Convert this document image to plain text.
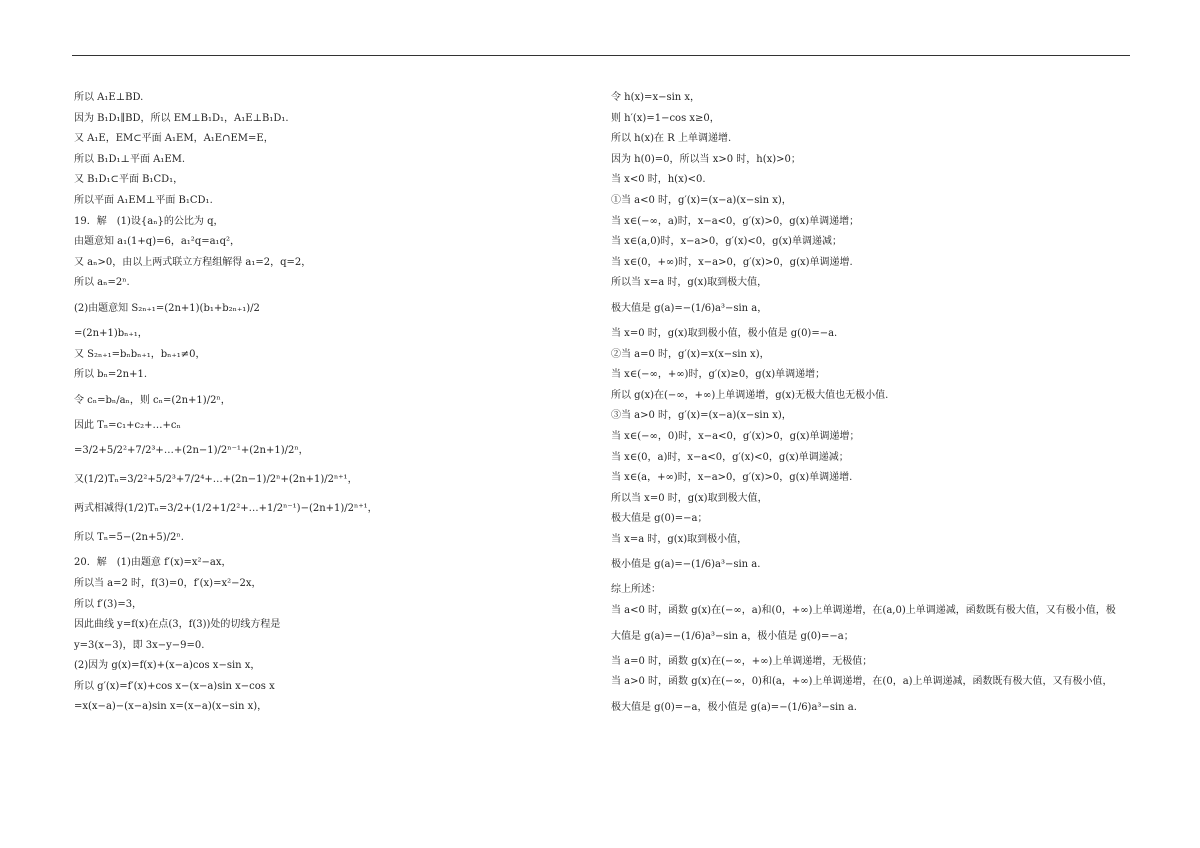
所以 A₁E⊥BD.
因为 B₁D₁∥BD，所以 EM⊥B₁D₁，A₁E⊥B₁D₁.
又 A₁E，EM⊂平面 A₁EM，A₁E∩EM=E，
所以 B₁D₁⊥平面 A₁EM.
又 B₁D₁⊂平面 B₁CD₁，
所以平面 A₁EM⊥平面 B₁CD₁.
19．解　(1)设{aₙ}的公比为 q，
由题意知 a₁(1+q)=6，a₁²q=a₁q²，
又 aₙ>0，由以上两式联立方程组解得 a₁=2，q=2，
所以 aₙ=2ⁿ.
(2)由题意知 S₂ₙ₊₁=(2n+1)(b₁+b₂ₙ₊₁)/2
=(2n+1)bₙ₊₁，
又 S₂ₙ₊₁=bₙbₙ₊₁，bₙ₊₁≠0，
所以 bₙ=2n+1.
令 cₙ=bₙ/aₙ，则 cₙ=(2n+1)/2ⁿ，
因此 Tₙ=c₁+c₂+…+cₙ
=3/2+5/2²+7/2³+…+(2n−1)/2ⁿ⁻¹+(2n+1)/2ⁿ，
又(1/2)Tₙ=3/2²+5/2³+7/2⁴+…+(2n−1)/2ⁿ+(2n+1)/2ⁿ⁺¹，
两式相减得(1/2)Tₙ=3/2+(1/2+1/2²+…+1/2ⁿ⁻¹)−(2n+1)/2ⁿ⁺¹，
所以 Tₙ=5−(2n+5)/2ⁿ.
20．解　(1)由题意 f′(x)=x²−ax，
所以当 a=2 时，f(3)=0，f′(x)=x²−2x，
所以 f′(3)=3，
因此曲线 y=f(x)在点(3，f(3))处的切线方程是
y=3(x−3)，即 3x−y−9=0.
(2)因为 g(x)=f(x)+(x−a)cos x−sin x，
所以 g′(x)=f′(x)+cos x−(x−a)sin x−cos x
=x(x−a)−(x−a)sin x=(x−a)(x−sin x)，
令 h(x)=x−sin x，
则 h′(x)=1−cos x≥0，
所以 h(x)在 R 上单调递增.
因为 h(0)=0，所以当 x>0 时，h(x)>0；
当 x<0 时，h(x)<0.
①当 a<0 时，g′(x)=(x−a)(x−sin x)，
当 x∈(−∞，a)时，x−a<0，g′(x)>0，g(x)单调递增；
当 x∈(a,0)时，x−a>0，g′(x)<0，g(x)单调递减；
当 x∈(0，+∞)时，x−a>0，g′(x)>0，g(x)单调递增.
所以当 x=a 时，g(x)取到极大值，
极大值是 g(a)=−(1/6)a³−sin a，
当 x=0 时，g(x)取到极小值，极小值是 g(0)=−a.
②当 a=0 时，g′(x)=x(x−sin x)，
当 x∈(−∞，+∞)时，g′(x)≥0，g(x)单调递增；
所以 g(x)在(−∞，+∞)上单调递增，g(x)无极大值也无极小值.
③当 a>0 时，g′(x)=(x−a)(x−sin x)，
当 x∈(−∞，0)时，x−a<0，g′(x)>0，g(x)单调递增；
当 x∈(0，a)时，x−a<0，g′(x)<0，g(x)单调递减；
当 x∈(a，+∞)时，x−a>0，g′(x)>0，g(x)单调递增.
所以当 x=0 时，g(x)取到极大值，
极大值是 g(0)=−a；
当 x=a 时，g(x)取到极小值，
极小值是 g(a)=−(1/6)a³−sin a.
综上所述：
当 a<0 时，函数 g(x)在(−∞，a)和(0，+∞)上单调递增，在(a,0)上单调递减，函数既有极大值，又有极小值，极
大值是 g(a)=−(1/6)a³−sin a，极小值是 g(0)=−a；
当 a=0 时，函数 g(x)在(−∞，+∞)上单调递增，无极值；
当 a>0 时，函数 g(x)在(−∞，0)和(a，+∞)上单调递增，在(0，a)上单调递减，函数既有极大值，又有极小值，
极大值是 g(0)=−a，极小值是 g(a)=−(1/6)a³−sin a.
